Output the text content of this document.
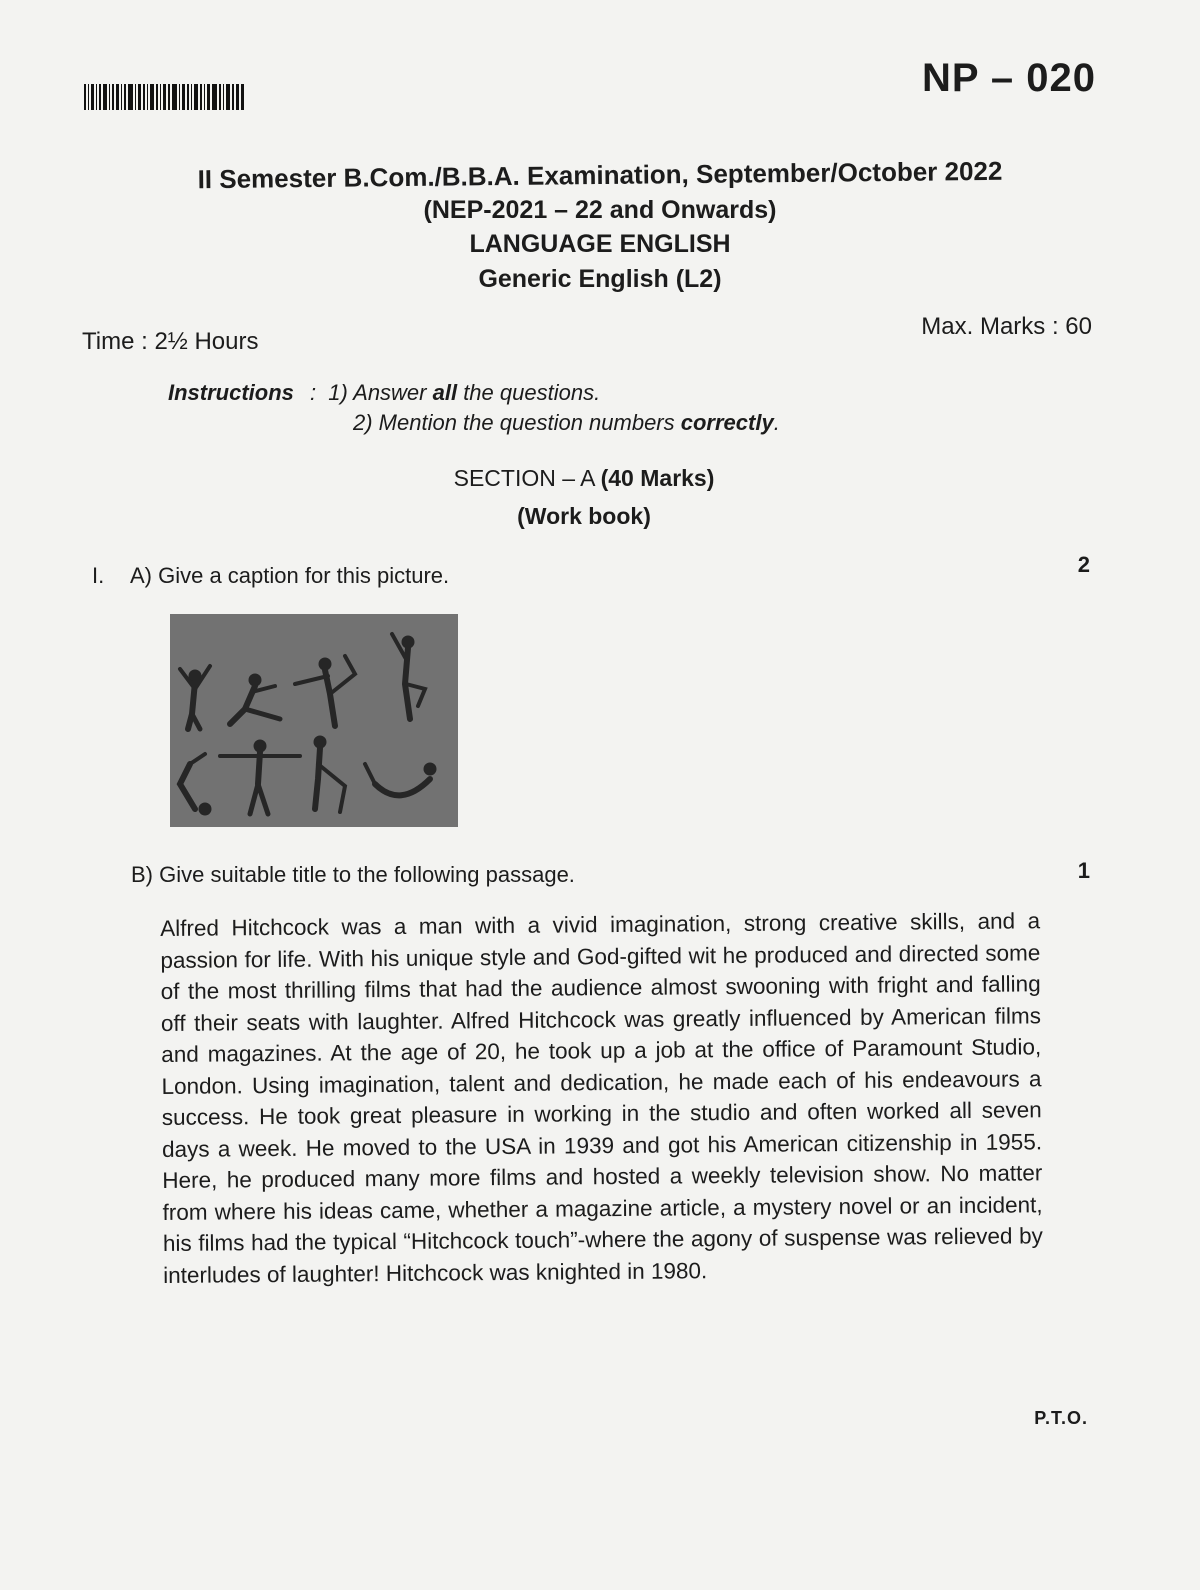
NP – 020
II Semester B.Com./B.B.A. Examination, September/October 2022
(NEP-2021 – 22 and Onwards)
LANGUAGE ENGLISH
Generic English (L2)
Time : 2½ Hours
Max. Marks : 60
Instructions : 1) Answer all the questions.
2) Mention the question numbers correctly.
SECTION – A (40 Marks)
(Work book)
I. A) Give a caption for this picture.	2
B) Give suitable title to the following passage.	1
Alfred Hitchcock was a man with a vivid imagination, strong creative skills, and a passion for life. With his unique style and God-gifted wit he produced and directed some of the most thrilling films that had the audience almost swooning with fright and falling off their seats with laughter. Alfred Hitchcock was greatly influenced by American films and magazines. At the age of 20, he took up a job at the office of Paramount Studio, London. Using imagination, talent and dedication, he made each of his endeavours a success. He took great pleasure in working in the studio and often worked all seven days a week. He moved to the USA in 1939 and got his American citizenship in 1955. Here, he produced many more films and hosted a weekly television show. No matter from where his ideas came, whether a magazine article, a mystery novel or an incident, his films had the typical “Hitchcock touch”-where the agony of suspense was relieved by interludes of laughter! Hitchcock was knighted in 1980.
P.T.O.
